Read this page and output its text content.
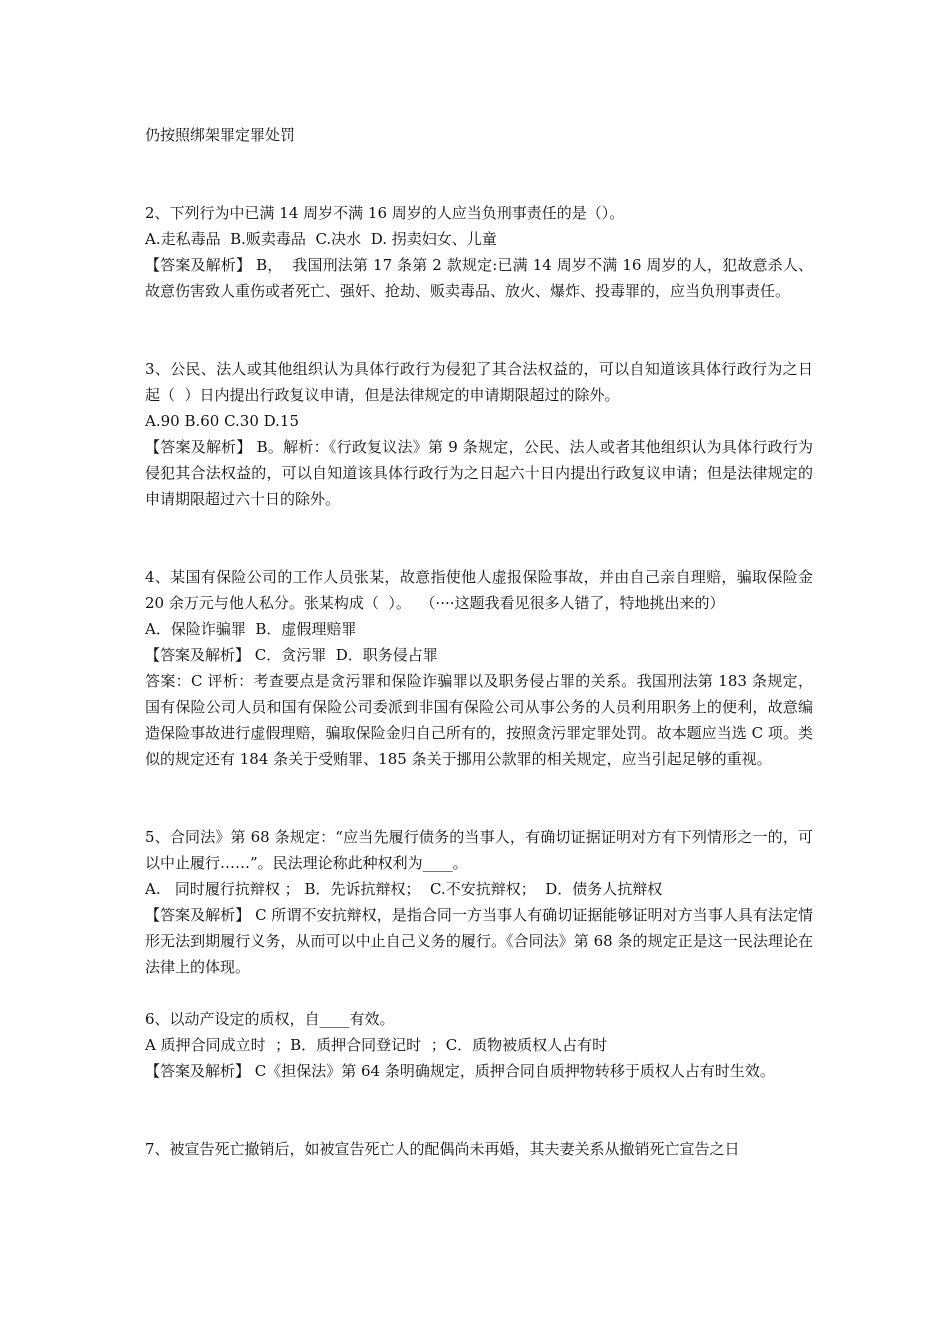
仍按照绑架罪定罪处罚

2、下列行为中已满 14 周岁不满 16 周岁的人应当负刑事责任的是（）。

A.走私毒品  B.贩卖毒品  C.决水  D. 拐卖妇女、儿童

【答案及解析】 B，  我国刑法第 17 条第 2 款规定:已满 14 周岁不满 16 周岁的人，犯故意杀人、故意伤害致人重伤或者死亡、强奸、抢劫、贩卖毒品、放火、爆炸、投毒罪的，应当负刑事责任。

3、公民、法人或其他组织认为具体行政行为侵犯了其合法权益的，可以自知道该具体行政行为之日起（  ）日内提出行政复议申请，但是法律规定的申请期限超过的除外。

A.90 B.60 C.30 D.15

【答案及解析】 B。解析：《行政复议法》第 9 条规定，公民、法人或者其他组织认为具体行政行为侵犯其合法权益的，可以自知道该具体行政行为之日起六十日内提出行政复议申请；但是法律规定的申请期限超过六十日的除外。

4、某国有保险公司的工作人员张某，故意指使他人虚报保险事故，并由自己亲自理赔，骗取保险金 20 余万元与他人私分。张某构成（  ）。  （····这题我看见很多人错了，特地挑出来的）

A．保险诈骗罪  B．虚假理赔罪

【答案及解析】 C．贪污罪  D．职务侵占罪

答案：C 评析：考查要点是贪污罪和保险诈骗罪以及职务侵占罪的关系。我国刑法第 183 条规定，国有保险公司人员和国有保险公司委派到非国有保险公司从事公务的人员利用职务上的便利，故意编造保险事故进行虚假理赔，骗取保险金归自己所有的，按照贪污罪定罪处罚。故本题应当选 C 项。类似的规定还有 184 条关于受贿罪、185 条关于挪用公款罪的相关规定，应当引起足够的重视。

5、合同法》第 68 条规定：“应当先履行债务的当事人，有确切证据证明对方有下列情形之一的，可以中止履行……”。民法理论称此种权利为____。

A.   同时履行抗辩权 ； B．先诉抗辩权；  C.不安抗辩权；  D．债务人抗辩权

【答案及解析】 C 所谓不安抗辩权，是指合同一方当事人有确切证据能够证明对方当事人具有法定情形无法到期履行义务，从而可以中止自己义务的履行。《合同法》第 68 条的规定正是这一民法理论在法律上的体现。

6、以动产设定的质权，自____有效。

A 质押合同成立时  ；B．质押合同登记时  ；C．质物被质权人占有时

【答案及解析】 C《担保法》第 64 条明确规定，质押合同自质押物转移于质权人占有时生效。

7、被宣告死亡撤销后，如被宣告死亡人的配偶尚未再婚，其夫妻关系从撤销死亡宣告之日
